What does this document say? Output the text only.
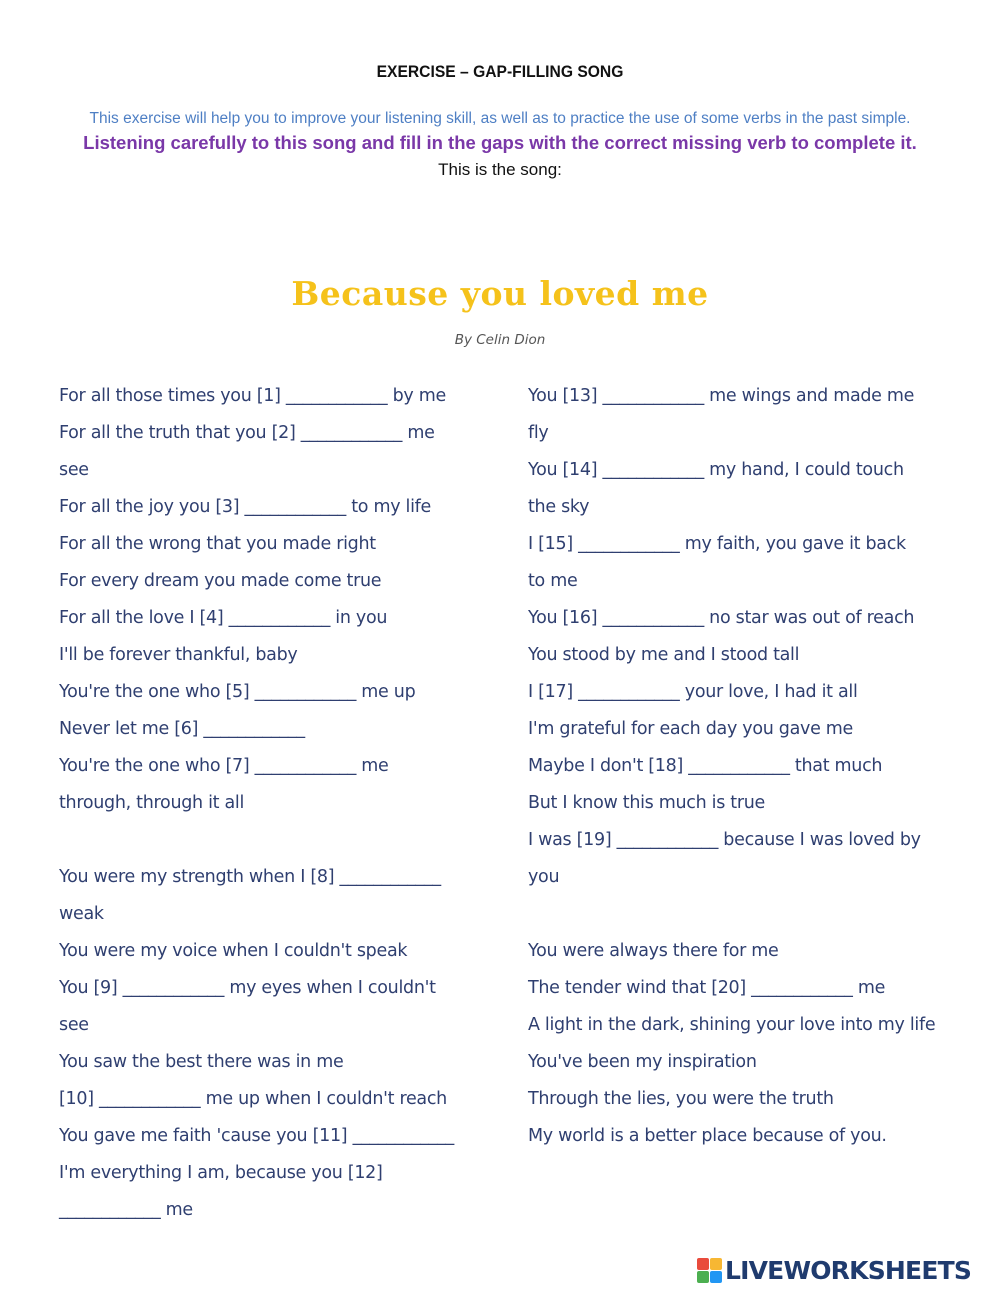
EXERCISE – GAP-FILLING SONG
This exercise will help you to improve your listening skill, as well as to practice the use of some verbs in the past simple.
Listening carefully to this song and fill in the gaps with the correct missing verb to complete it.
This is the song:
Because you loved me
By Celin Dion
For all those times you [1] ____________ by me
For all the truth that you [2] ____________ me
see
For all the joy you [3] ____________ to my life
For all the wrong that you made right
For every dream you made come true
For all the love I [4] ____________ in you
I'll be forever thankful, baby
You're the one who [5] ____________ me up
Never let me [6] ____________
You're the one who [7] ____________ me
through, through it all
You were my strength when I [8] ____________
weak
You were my voice when I couldn't speak
You [9] ____________ my eyes when I couldn't
see
You saw the best there was in me
[10] ____________ me up when I couldn't reach
You gave me faith 'cause you [11] ____________
I'm everything I am, because you [12]
____________ me
You [13] ____________ me wings and made me
fly
You [14] ____________ my hand, I could touch
the sky
I [15] ____________ my faith, you gave it back
to me
You [16] ____________ no star was out of reach
You stood by me and I stood tall
I [17] ____________ your love, I had it all
I'm grateful for each day you gave me
Maybe I don't [18] ____________ that much
But I know this much is true
I was [19] ____________ because I was loved by
you
You were always there for me
The tender wind that [20] ____________ me
A light in the dark, shining your love into my life
You've been my inspiration
Through the lies, you were the truth
My world is a better place because of you.
LIVEWORKSHEETS
